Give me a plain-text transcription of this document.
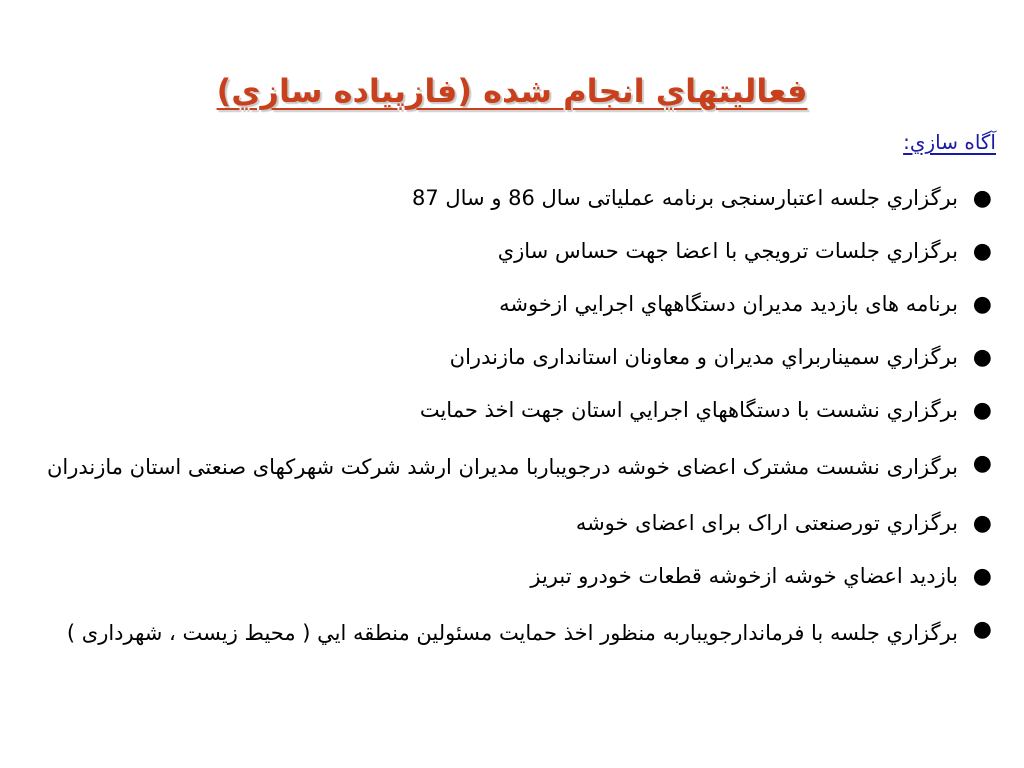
فعاليتهاي انجام شده (فازپياده سازي)
آگاه سازي:
●
برگزاري جلسه اعتبارسنجی برنامه عملياتی سال 86 و سال 87
●
برگزاري جلسات ترويجي با اعضا جهت حساس سازي
●
برنامه های بازديد مديران دستگاههاي اجرايي ازخوشه
●
برگزاري سميناربراي مديران و معاونان استانداری مازندران
●
برگزاري نشست با دستگاههاي اجرايي استان جهت اخذ حمايت
●
برگزاری نشست مشترک اعضای خوشه درجويباربا مديران ارشد شرکت شهرکهای صنعتی استان مازندران
●
برگزاري تورصنعتی اراک برای اعضای خوشه
●
بازديد اعضاي خوشه ازخوشه قطعات خودرو تبريز
●
برگزاري جلسه با فرماندارجويباربه منظور اخذ حمايت مسئولين منطقه ايي ( محيط زيست ، شهرداری )
